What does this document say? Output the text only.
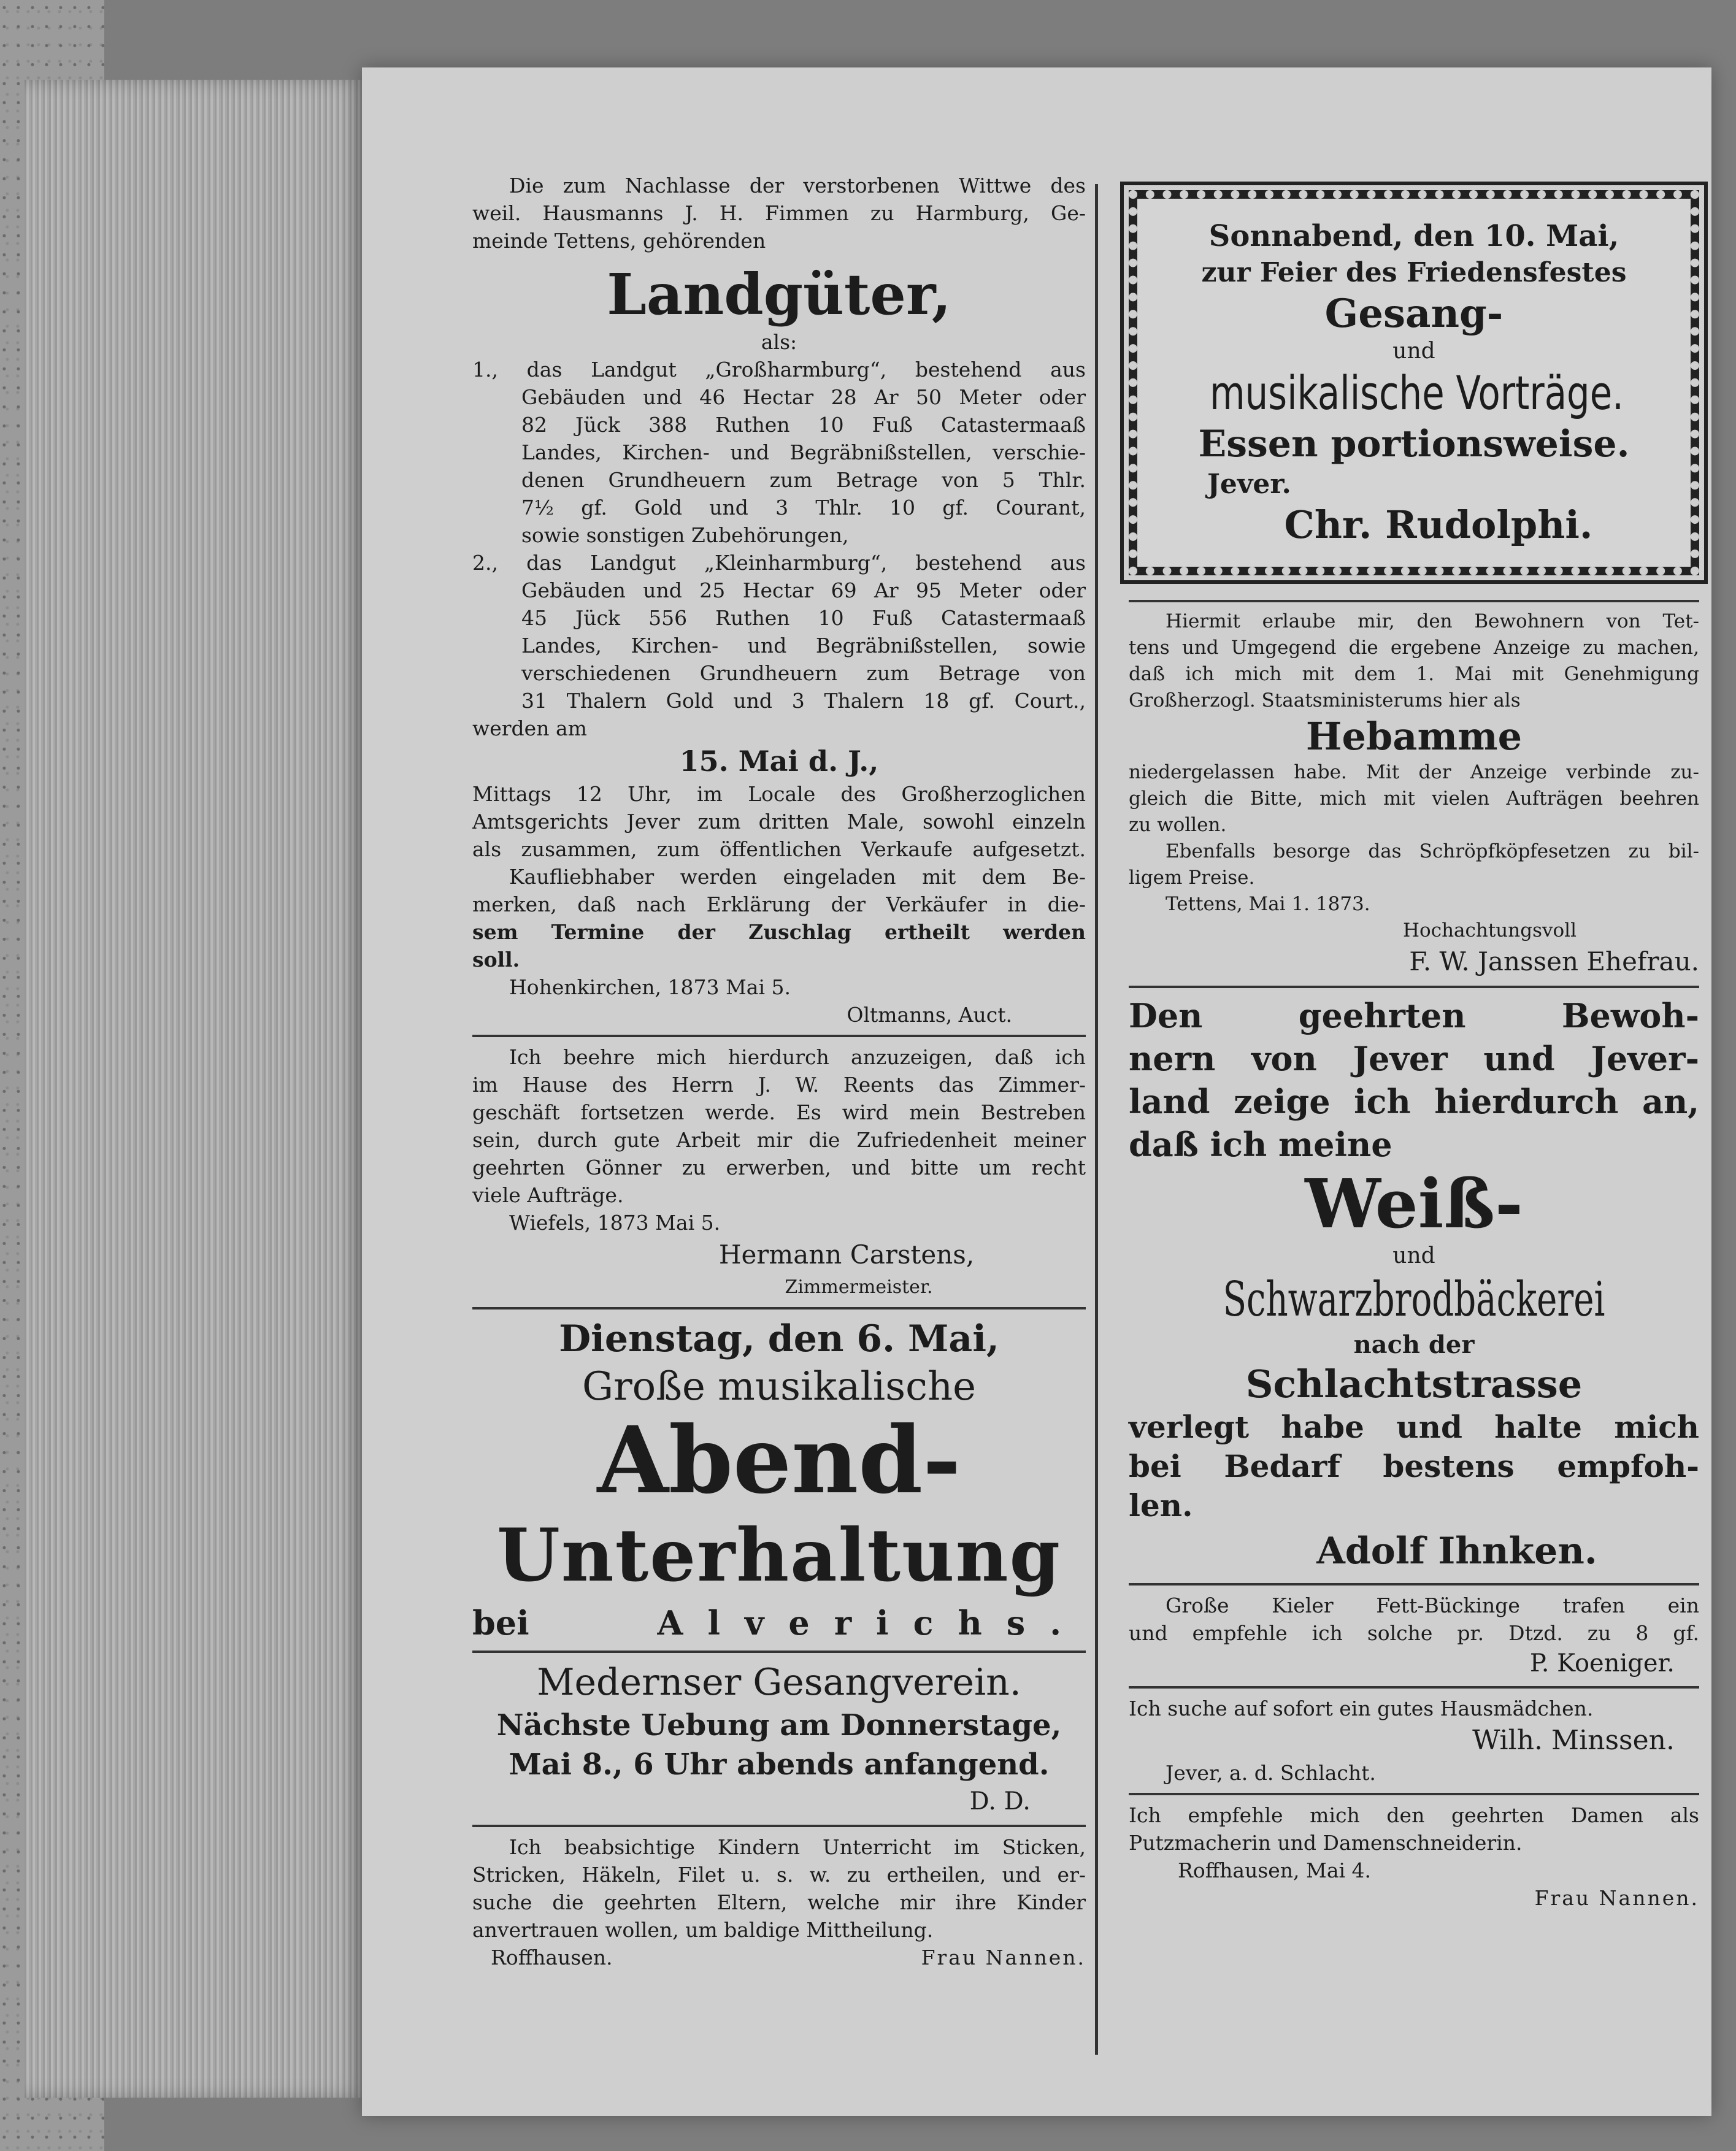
Die zum Nachlasse der verstorbenen Wittwe des

weil. Hausmanns J. H. Fimmen zu Harmburg, Ge-

meinde Tettens, gehörenden

Landgüter,

als:

1., das Landgut „Großharmburg“, bestehend aus

Gebäuden und 46 Hectar 28 Ar 50 Meter oder

82 Jück 388 Ruthen 10 Fuß Catastermaaß

Landes, Kirchen- und Begräbnißstellen, verschie-

denen Grundheuern zum Betrage von 5 Thlr.

7½ gf. Gold und 3 Thlr. 10 gf. Courant,

sowie sonstigen Zubehörungen,

2., das Landgut „Kleinharmburg“, bestehend aus

Gebäuden und 25 Hectar 69 Ar 95 Meter oder

45 Jück 556 Ruthen 10 Fuß Catastermaaß

Landes, Kirchen- und Begräbnißstellen, sowie

verschiedenen Grundheuern zum Betrage von

31 Thalern Gold und 3 Thalern 18 gf. Court.,

werden am

15. Mai d. J.,

Mittags 12 Uhr, im Locale des Großherzoglichen

Amtsgerichts Jever zum dritten Male, sowohl einzeln

als zusammen, zum öffentlichen Verkaufe aufgesetzt.

Kaufliebhaber werden eingeladen mit dem Be-

merken, daß nach Erklärung der Verkäufer in die-

sem Termine der Zuschlag ertheilt werden

soll.

Hohenkirchen, 1873 Mai 5.

Oltmanns, Auct.

Ich beehre mich hierdurch anzuzeigen, daß ich

im Hause des Herrn J. W. Reents das Zimmer-

geschäft fortsetzen werde. Es wird mein Bestreben

sein, durch gute Arbeit mir die Zufriedenheit meiner

geehrten Gönner zu erwerben, und bitte um recht

viele Aufträge.

Wiefels, 1873 Mai 5.

Hermann Carstens,

Zimmermeister.

Dienstag, den 6. Mai,

Große musikalische

Abend-

Unterhaltung

bei	Alverichs.

Medernser Gesangverein.

Nächste Uebung am Donnerstage,

Mai 8., 6 Uhr abends anfangend.

D. D.

Ich beabsichtige Kindern Unterricht im Sticken,

Stricken, Häkeln, Filet u. s. w. zu ertheilen, und er-

suche die geehrten Eltern, welche mir ihre Kinder

anvertrauen wollen, um baldige Mittheilung.

Roffhausen.	Frau Nannen.

Sonnabend, den 10. Mai,

zur Feier des Friedensfestes

Gesang-

und

musikalische Vorträge.

Essen portionsweise.

Jever.

Chr. Rudolphi.

Hiermit erlaube mir, den Bewohnern von Tet-

tens und Umgegend die ergebene Anzeige zu machen,

daß ich mich mit dem 1. Mai mit Genehmigung

Großherzogl. Staatsministerums hier als

Hebamme

niedergelassen habe. Mit der Anzeige verbinde zu-

gleich die Bitte, mich mit vielen Aufträgen beehren

zu wollen.

Ebenfalls besorge das Schröpfköpfesetzen zu bil-

ligem Preise.

Tettens, Mai 1. 1873.

Hochachtungsvoll

F. W. Janssen Ehefrau.

Den geehrten Bewoh-

nern von Jever und Jever-

land zeige ich hierdurch an,

daß ich meine

Weiß-

und

Schwarzbrodbäckerei

nach der

Schlachtstrasse

verlegt habe und halte mich

bei Bedarf bestens empfoh-

len.

Adolf Ihnken.

Große Kieler Fett-Bückinge trafen ein

und empfehle ich solche pr. Dtzd. zu 8 gf.

P. Koeniger.

Ich suche auf sofort ein gutes Hausmädchen.

Wilh. Minssen.

Jever, a. d. Schlacht.

Ich empfehle mich den geehrten Damen als

Putzmacherin und Damenschneiderin.

Roffhausen, Mai 4.

Frau Nannen.
